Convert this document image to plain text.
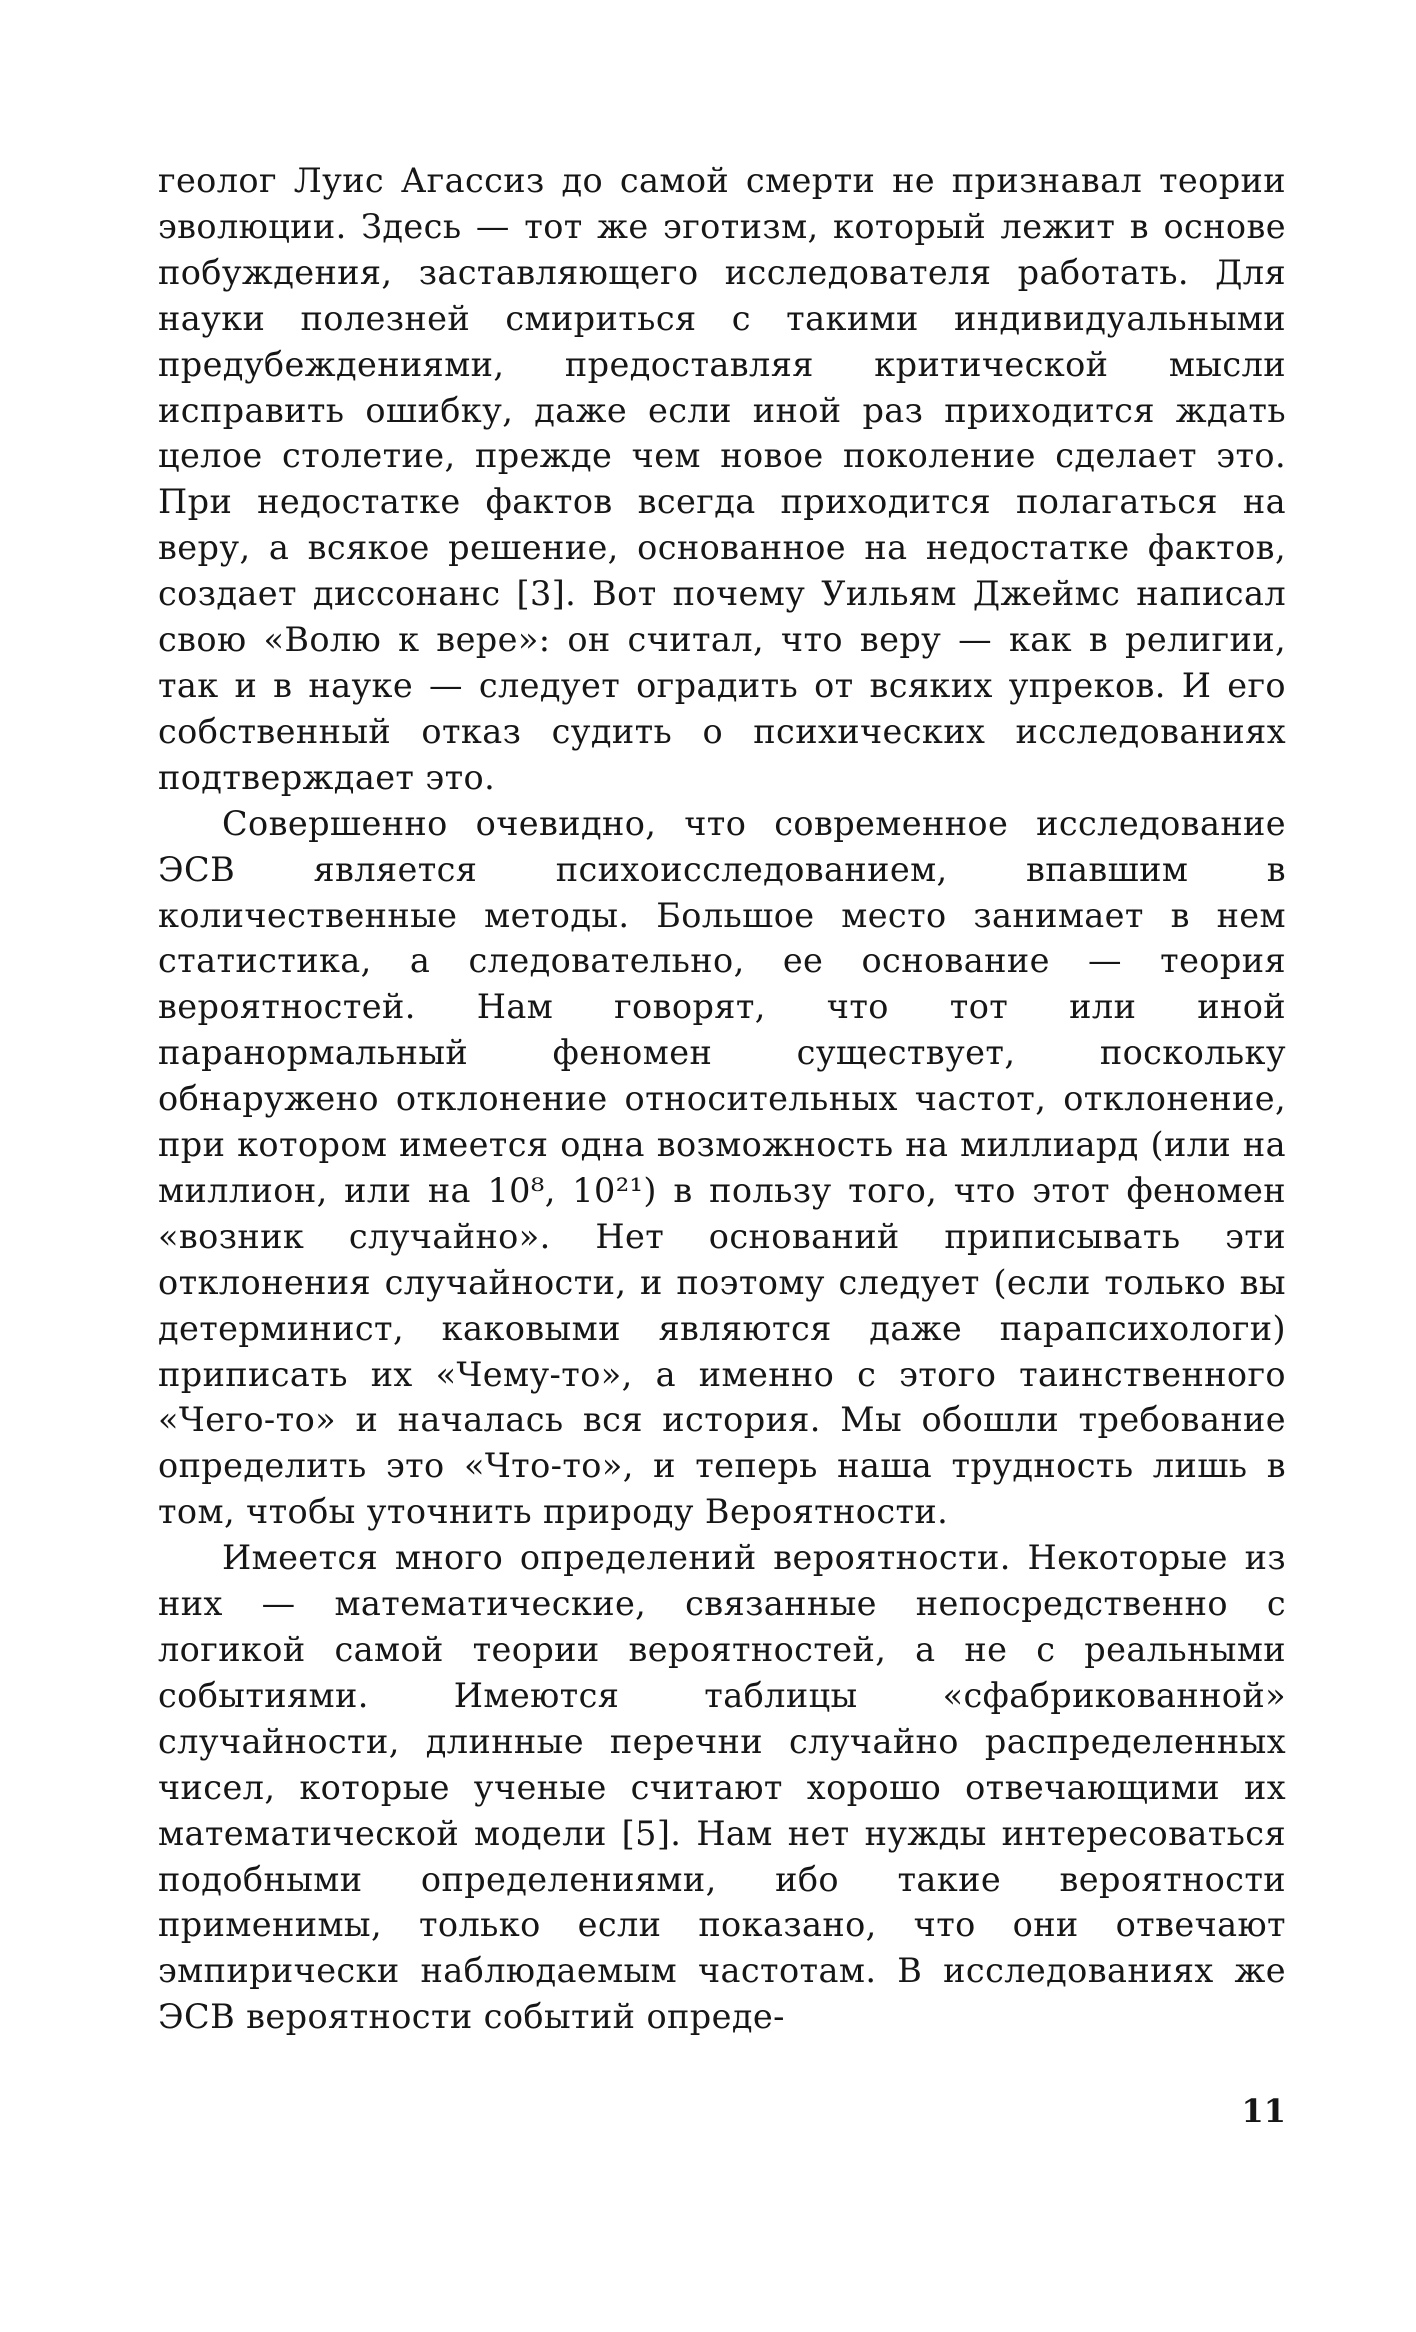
геолог Луис Агассиз до самой смерти не признавал теории эволюции. Здесь — тот же эготизм, который лежит в основе побуждения, заставляющего исследователя работать. Для науки полезней смириться с такими индивидуальными предубеждениями, предоставляя критической мысли исправить ошибку, даже если иной раз приходится ждать целое столетие, прежде чем новое поколение сделает это. При недостатке фактов всегда приходится полагаться на веру, а всякое решение, основанное на недостатке фактов, создает диссонанс [3]. Вот почему Уильям Джеймс написал свою «Волю к вере»: он считал, что веру — как в религии, так и в науке — следует оградить от всяких упреков. И его собственный отказ судить о психических исследованиях подтверждает это.

Совершенно очевидно, что современное исследование ЭСВ является психоисследованием, впавшим в количественные методы. Большое место занимает в нем статистика, а следовательно, ее основание — теория вероятностей. Нам говорят, что тот или иной паранормальный феномен существует, поскольку обнаружено отклонение относительных частот, отклонение, при котором имеется одна возможность на миллиард (или на миллион, или на 10⁸, 10²¹) в пользу того, что этот феномен «возник случайно». Нет оснований приписывать эти отклонения случайности, и поэтому следует (если только вы детерминист, каковыми являются даже парапсихологи) приписать их «Чему-то», а именно с этого таинственного «Чего-то» и началась вся история. Мы обошли требование определить это «Что-то», и теперь наша трудность лишь в том, чтобы уточнить природу Вероятности.

Имеется много определений вероятности. Некоторые из них — математические, связанные непосредственно с логикой самой теории вероятностей, а не с реальными событиями. Имеются таблицы «сфабрикованной» случайности, длинные перечни случайно распределенных чисел, которые ученые считают хорошо отвечающими их математической модели [5]. Нам нет нужды интересоваться подобными определениями, ибо такие вероятности применимы, только если показано, что они отвечают эмпирически наблюдаемым частотам. В исследованиях же ЭСВ вероятности событий опреде-

11
